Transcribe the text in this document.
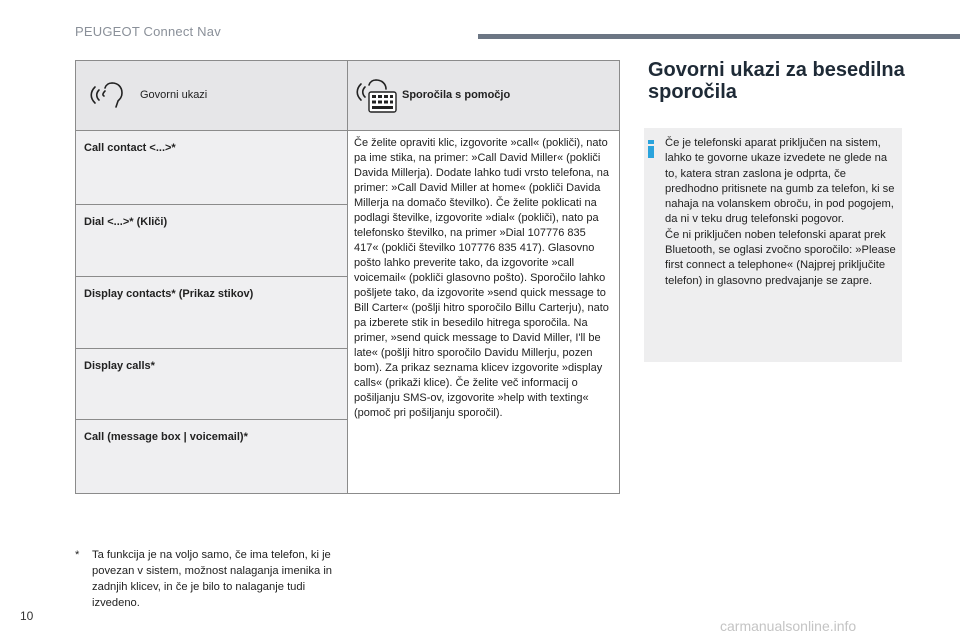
PEUGEOT Connect Nav
Govorni ukazi	Sporočila s pomočjo

Call contact <...>*	Če želite opraviti klic, izgovorite »call« (pokliči), nato pa ime stika, na primer: »Call David Miller« (pokliči Davida Millerja). Dodate lahko tudi vrsto telefona, na primer: »Call David Miller at home« (pokliči Davida Millerja na domačo številko). Če želite poklicati na podlagi številke, izgovorite »dial« (pokliči), nato pa telefonsko številko, na primer »Dial 107776 835 417« (pokliči številko 107776 835 417). Glasovno pošto lahko preverite tako, da izgovorite »call voicemail« (pokliči glasovno pošto). Sporočilo lahko pošljete tako, da izgovorite »send quick message to Bill Carter« (pošlji hitro sporočilo Billu Carterju), nato pa izberete stik in besedilo hitrega sporočila. Na primer, »send quick message to David Miller, I'll be late« (pošlji hitro sporočilo Davidu Millerju, pozen bom). Za prikaz seznama klicev izgovorite »display calls« (prikaži klice). Če želite več informacij o pošiljanju SMS-ov, izgovorite »help with texting« (pomoč pri pošiljanju sporočil).
Dial <...>* (Kliči)	
Display contacts* (Prikaz stikov)	
Display calls*	
Call (message box | voicemail)*	
* Ta funkcija je na voljo samo, če ima telefon, ki je povezan v sistem, možnost nalaganja imenika in zadnjih klicev, in če je bilo to nalaganje tudi izvedeno.
Govorni ukazi za besedilna sporočila
Če je telefonski aparat priključen na sistem, lahko te govorne ukaze izvedete ne glede na to, katera stran zaslona je odprta, če predhodno pritisnete na gumb za telefon, ki se nahaja na volanskem obroču, in pod pogojem, da ni v teku drug telefonski pogovor.
Če ni priključen noben telefonski aparat prek Bluetooth, se oglasi zvočno sporočilo: »Please first connect a telephone« (Najprej priključite telefon) in glasovno predvajanje se zapre.
10
carmanualsonline.info
